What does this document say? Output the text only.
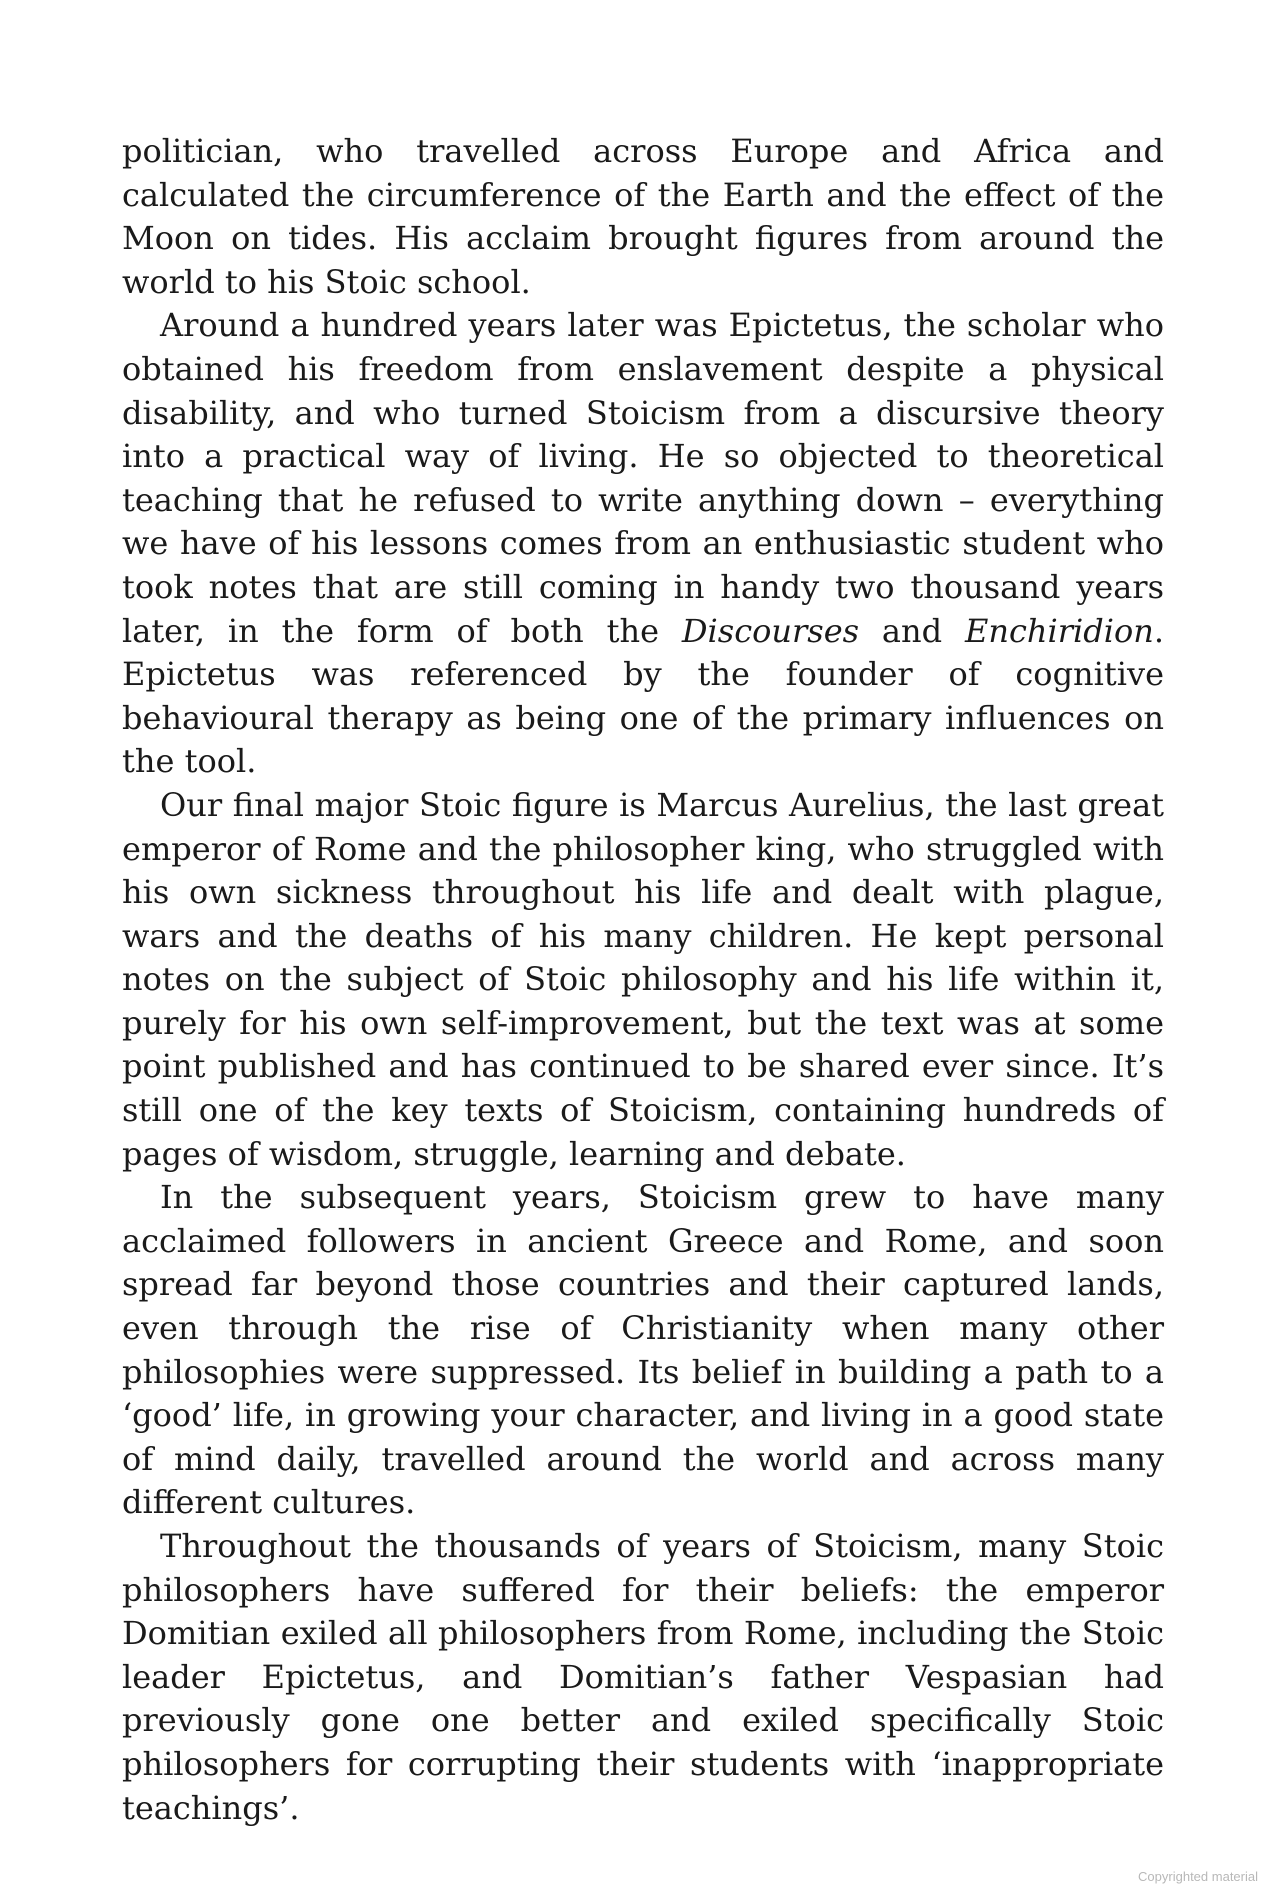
politician, who travelled across Europe and Africa and calculated the circumference of the Earth and the effect of the Moon on tides. His acclaim brought figures from around the world to his Stoic school.

Around a hundred years later was Epictetus, the scholar who obtained his freedom from enslavement despite a physical disability, and who turned Stoicism from a discursive theory into a practical way of living. He so objected to theoretical teaching that he refused to write anything down – everything we have of his lessons comes from an enthusiastic student who took notes that are still coming in handy two thousand years later, in the form of both the Discourses and Enchiridion. Epictetus was referenced by the founder of cognitive behavioural therapy as being one of the primary influences on the tool.

Our final major Stoic figure is Marcus Aurelius, the last great emperor of Rome and the philosopher king, who struggled with his own sickness throughout his life and dealt with plague, wars and the deaths of his many children. He kept personal notes on the subject of Stoic philosophy and his life within it, purely for his own self-improvement, but the text was at some point published and has continued to be shared ever since. It’s still one of the key texts of Stoicism, containing hundreds of pages of wisdom, struggle, learning and debate.

In the subsequent years, Stoicism grew to have many acclaimed followers in ancient Greece and Rome, and soon spread far beyond those countries and their captured lands, even through the rise of Christianity when many other philosophies were suppressed. Its belief in building a path to a ‘good’ life, in growing your character, and living in a good state of mind daily, travelled around the world and across many different cultures.

Throughout the thousands of years of Stoicism, many Stoic philosophers have suffered for their beliefs: the emperor Domitian exiled all philosophers from Rome, including the Stoic leader Epictetus, and Domitian’s father Vespasian had previously gone one better and exiled specifically Stoic philosophers for corrupting their students with ‘inappropriate teachings’.

Copyrighted material
